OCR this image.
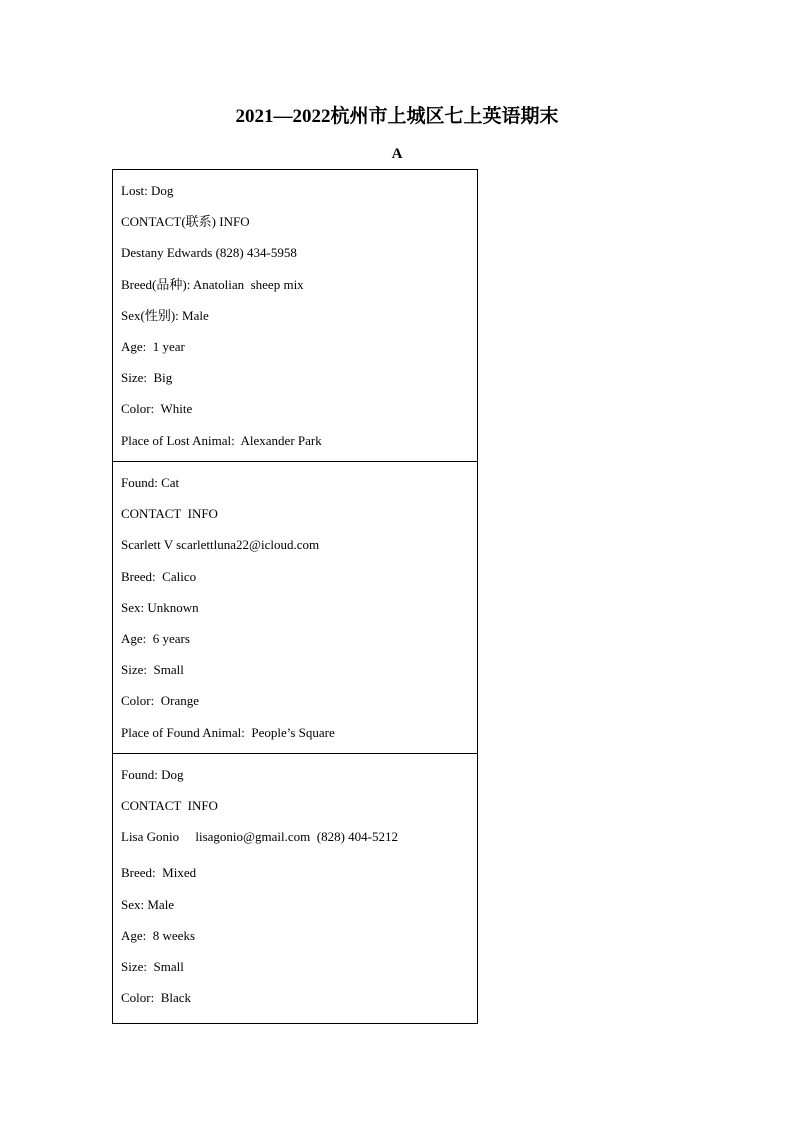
2021—2022杭州市上城区七上英语期末
A
Lost: Dog
CONTACT(联系) INFO
Destany Edwards (828) 434-5958
Breed(品种): Anatolian  sheep mix
Sex(性别): Male
Age:  1 year
Size:  Big
Color:  White
Place of Lost Animal:  Alexander Park
Found: Cat
CONTACT  INFO
Scarlett V scarlettluna22@icloud.com
Breed:  Calico
Sex: Unknown
Age:  6 years
Size:  Small
Color:  Orange
Place of Found Animal:  People’s Square
Found: Dog
CONTACT  INFO
Lisa Gonio     lisagonio@gmail.com  (828) 404-5212
Breed:  Mixed
Sex: Male
Age:  8 weeks
Size:  Small
Color:  Black
